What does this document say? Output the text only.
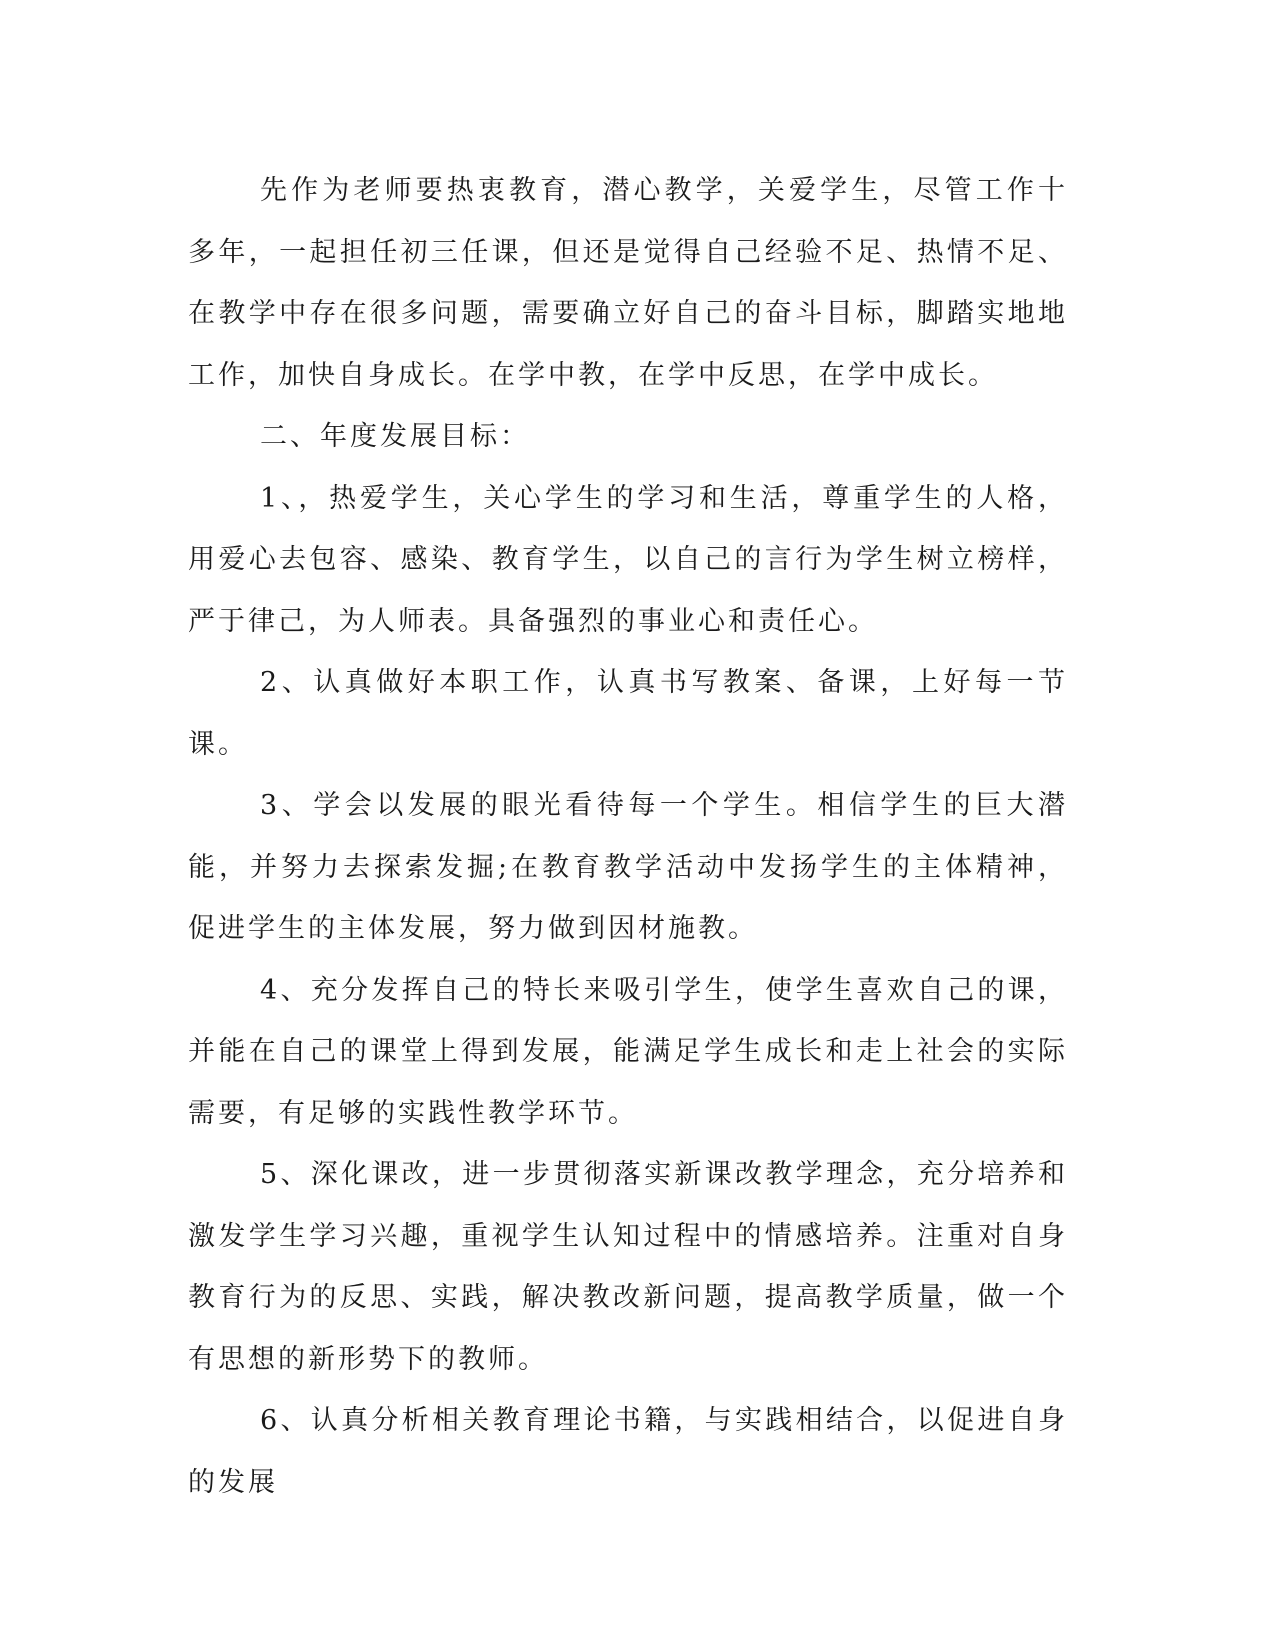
先作为老师要热衷教育，潜心教学，关爱学生，尽管工作十多年，一起担任初三任课，但还是觉得自己经验不足、热情不足、在教学中存在很多问题，需要确立好自己的奋斗目标，脚踏实地地工作，加快自身成长。在学中教，在学中反思，在学中成长。

二、年度发展目标：

1、，热爱学生，关心学生的学习和生活，尊重学生的人格，用爱心去包容、感染、教育学生，以自己的言行为学生树立榜样，严于律己，为人师表。具备强烈的事业心和责任心。

2、认真做好本职工作，认真书写教案、备课，上好每一节课。

3、学会以发展的眼光看待每一个学生。相信学生的巨大潜能，并努力去探索发掘;在教育教学活动中发扬学生的主体精神，促进学生的主体发展，努力做到因材施教。

4、充分发挥自己的特长来吸引学生，使学生喜欢自己的课，并能在自己的课堂上得到发展，能满足学生成长和走上社会的实际需要，有足够的实践性教学环节。

5、深化课改，进一步贯彻落实新课改教学理念，充分培养和激发学生学习兴趣，重视学生认知过程中的情感培养。注重对自身教育行为的反思、实践，解决教改新问题，提高教学质量，做一个有思想的新形势下的教师。

6、认真分析相关教育理论书籍，与实践相结合，以促进自身的发展
